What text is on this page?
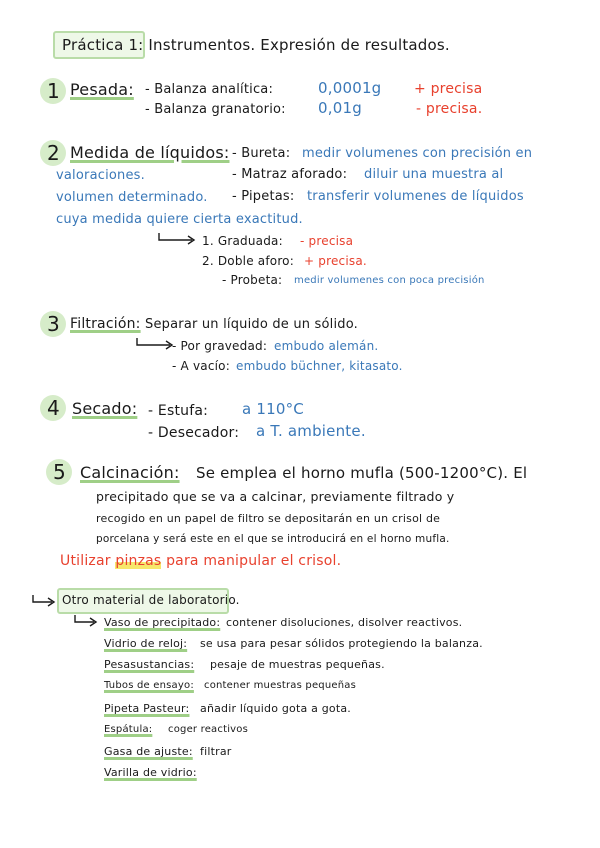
Práctica 1: Instrumentos. Expresión de resultados.
1 Pesada: - Balanza analítica:	0,0001g + precisa
- Balanza granatorio: 0,01g	- precisa.
2 Medida de líquidos: - Bureta: medir volumenes con precisión en
valoraciones.	- Matraz aforado: diluir una muestra al
volumen determinado. - Pipetas: transferir volumenes de líquidos
cuya medida quiere cierta exactitud.
1. Graduada: - precisa
2. Doble aforo: + precisa.
- Probeta: medir volumenes con poca precisión
3 Filtración: Separar un líquido de un sólido.
- Por gravedad: embudo alemán.
- A vacío: embudo büchner, kitasato.
4 Secado: - Estufa: a 110°C
- Desecador: a T. ambiente.
5 Calcinación: Se emplea el horno mufla (500-1200°C). El
precipitado que se va a calcinar, previamente filtrado y
recogido en un papel de filtro se depositarán en un crisol de
porcelana y será este en el que se introducirá en el horno mufla.
Utilizar pinzas para manipular el crisol.
Otro material de laboratorio.
Vaso de precipitado: contener disoluciones, disolver reactivos.
Vidrio de reloj: se usa para pesar sólidos protegiendo la balanza.
Pesasustancias: pesaje de muestras pequeñas.
Tubos de ensayo: contener muestras pequeñas
Pipeta Pasteur: añadir líquido gota a gota.
Espátula: coger reactivos
Gasa de ajuste: filtrar
Varilla de vidrio:
